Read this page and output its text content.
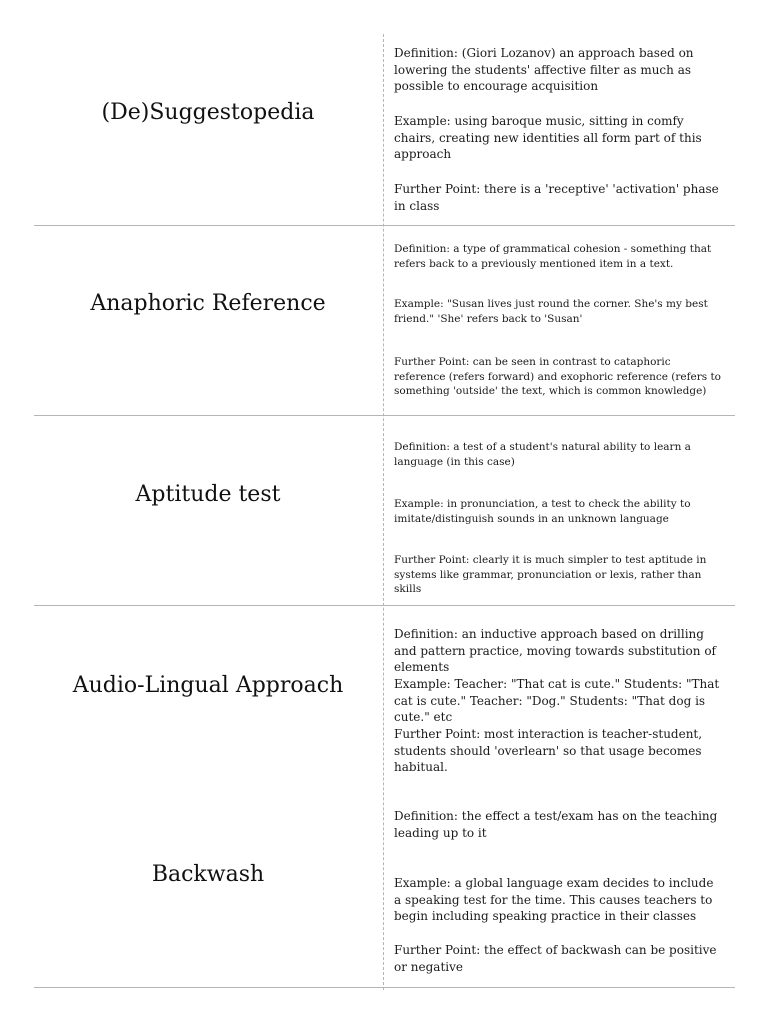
(De)Suggestopedia
Definition: (Giori Lozanov) an approach based on lowering the students' affective filter as much as possible to encourage acquisition
Example: using baroque music, sitting in comfy chairs, creating new identities all form part of this approach
Further Point: there is a 'receptive' 'activation' phase in class
Anaphoric Reference
Definition: a type of grammatical cohesion - something that refers back to a previously mentioned item in a text.
Example: "Susan lives just round the corner. She's my best friend." 'She' refers back to 'Susan'
Further Point: can be seen in contrast to cataphoric reference (refers forward) and exophoric reference (refers to something 'outside' the text, which is common knowledge)
Aptitude test
Definition: a test of a student's natural ability to learn a language (in this case)
Example: in pronunciation, a test to check the ability to imitate/distinguish sounds in an unknown language
Further Point: clearly it is much simpler to test aptitude in systems like grammar, pronunciation or lexis, rather than skills
Audio-Lingual Approach
Definition: an inductive approach based on drilling and pattern practice, moving towards substitution of elements
Example: Teacher: "That cat is cute." Students: "That cat is cute." Teacher: "Dog." Students: "That dog is cute." etc
Further Point: most interaction is teacher-student, students should 'overlearn' so that usage becomes habitual.
Backwash
Definition: the effect a test/exam has on the teaching leading up to it
Example: a global language exam decides to include a speaking test for the time. This causes teachers to begin including speaking practice in their classes
Further Point: the effect of backwash can be positive or negative
